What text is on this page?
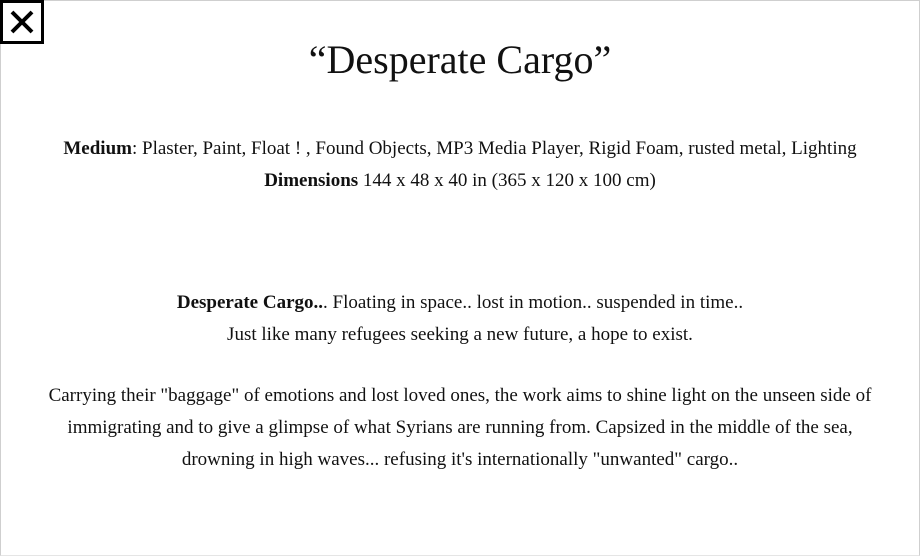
“Desperate Cargo”

Medium: Plaster, Paint, Float ! , Found Objects, MP3 Media Player, Rigid Foam, rusted metal, Lighting

Dimensions 144 x 48 x 40 in (365 x 120 x 100 cm)

Desperate Cargo... Floating in space.. lost in motion.. suspended in time..

Just like many refugees seeking a new future, a hope to exist.

Carrying their "baggage" of emotions and lost loved ones, the work aims to shine light on the unseen side of immigrating and to give a glimpse of what Syrians are running from. Capsized in the middle of the sea, drowning in high waves... refusing it's internationally "unwanted" cargo..
